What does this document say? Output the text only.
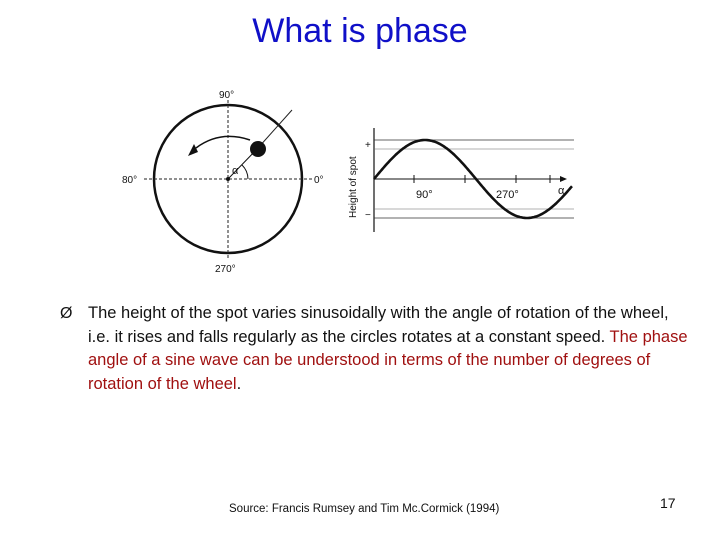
What is phase
90°
80°	0°
270°
α	Height of spot
+
−
90°	270°	α
Ø The height of the spot varies sinusoidally with the angle of rotation of the wheel, i.e. it rises and falls regularly as the circles rotates at a constant speed. The phase angle of a sine wave can be understood in terms of the number of degrees of rotation of the wheel.
Source: Francis Rumsey and Tim Mc.Cormick (1994)	17
